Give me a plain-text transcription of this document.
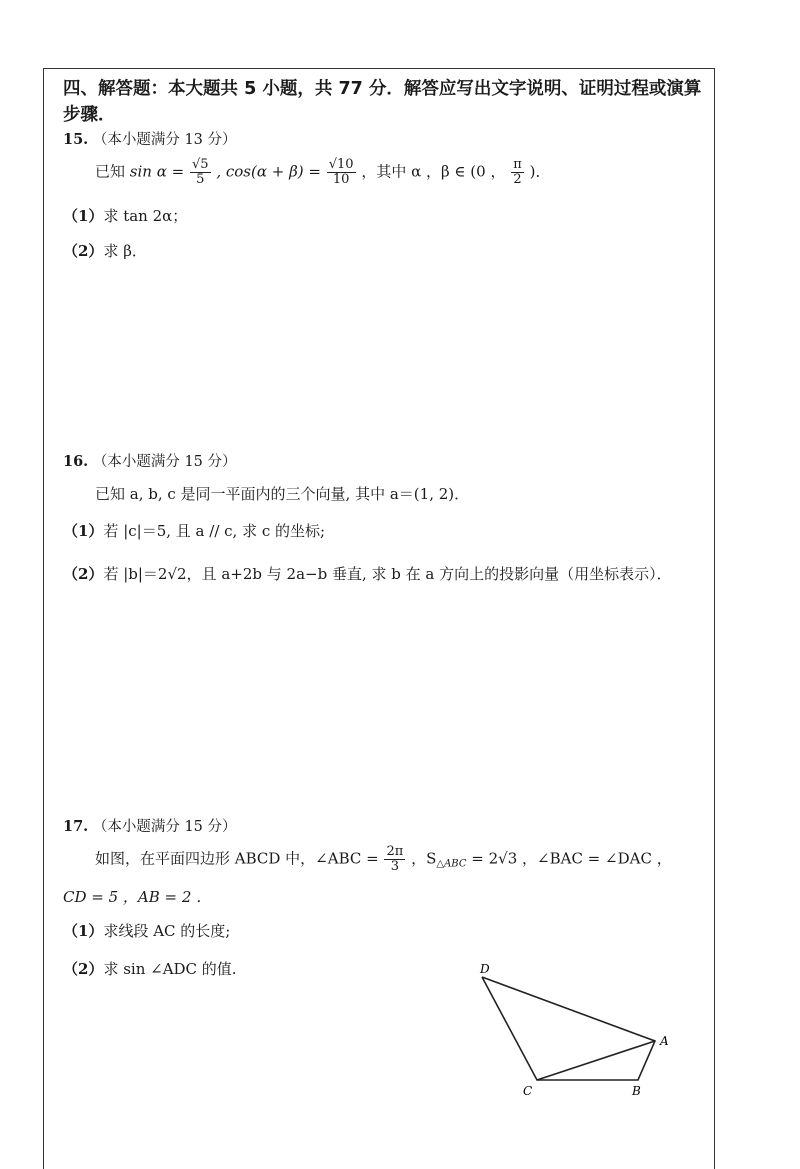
四、解答题：本大题共 5 小题，共 77 分．解答应写出文字说明、证明过程或演算步骤．
15. （本小题满分 13 分）
已知 $\sin \alpha = \frac{√5}{5}$ , $\cos(\alpha + \beta) = \frac{√10}{10}$ ，其中 α ，β ∈ (0 ， $\frac{\pi}{2}$ )．
（1）求 tan 2α；
（2）求 β．
16. （本小题满分 15 分）
已知 a, b, c 是同一平面内的三个向量, 其中 a＝(1, 2)．
（1）若 |c|＝5, 且 a // c, 求 c 的坐标;
（2）若 |b|＝2√2，且 a+2b 与 2a−b 垂直, 求 b 在 a 方向上的投影向量（用坐标表示）．
17. （本小题满分 15 分）
如图，在平面四边形 ABCD 中，∠ABC = $\frac{2\pi}{3}$ ，$S_{\triangle ABC} = 2√3$ ，∠BAC = ∠DAC ，
CD = 5 ，AB = 2 ．
（1）求线段 AC 的长度;
（2）求 sin ∠ADC 的值.	D
A
C	B
